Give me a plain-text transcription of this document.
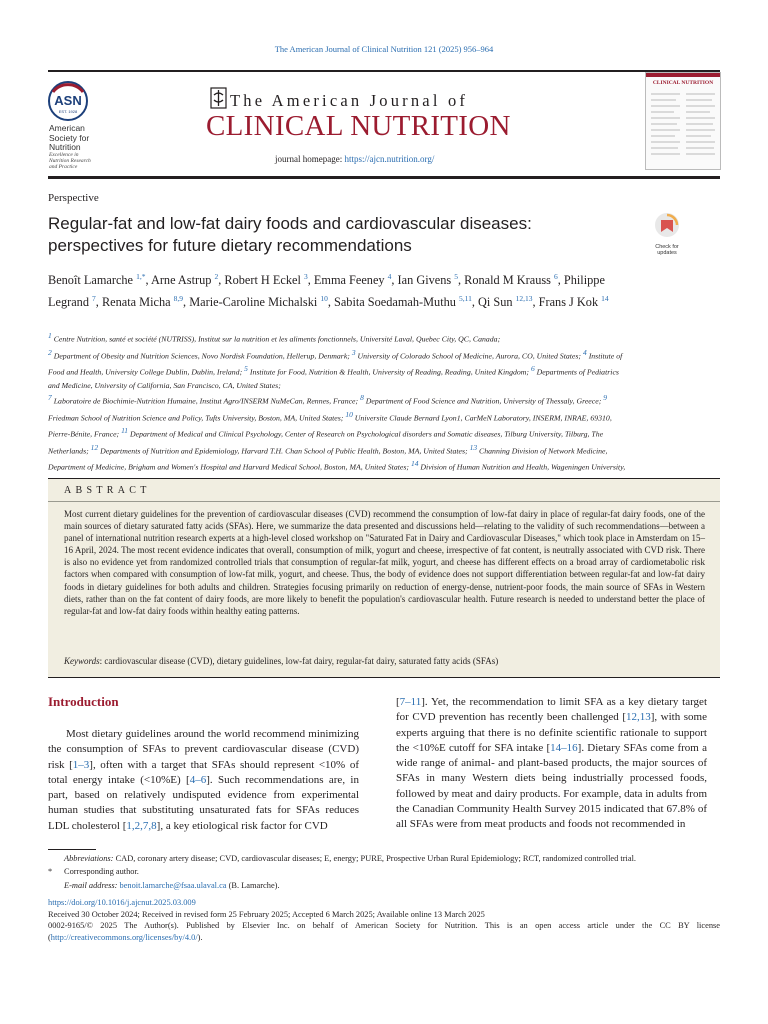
The American Journal of Clinical Nutrition 121 (2025) 956–964
ASN
EST. 1928
American
Society for
Nutrition
Excellence in
Nutrition Research
and Practice
The American Journal of
CLINICAL NUTRITION
journal homepage: https://ajcn.nutrition.org/
CLINICAL NUTRITION
Perspective
Regular-fat and low-fat dairy foods and cardiovascular diseases:
perspectives for future dietary recommendations	Check for updates
Benoît Lamarche $^{1,*}$, Arne Astrup $^2$, Robert H Eckel $^3$, Emma Feeney $^4$, Ian Givens $^5$, Ronald M Krauss $^6$, Philippe Legrand $^7$, Renata Micha $^{8,9}$, Marie-Caroline Michalski $^{10}$, Sabita Soedamah-Muthu $^{5,11}$, Qi Sun $^{12,13}$, Frans J Kok $^{14}$
$^1$ Centre Nutrition, santé et société (NUTRISS), Institut sur la nutrition et les aliments fonctionnels, Université Laval, Quebec City, QC, Canada;
$^2$ Department of Obesity and Nutrition Sciences, Novo Nordisk Foundation, Hellerup, Denmark; $^3$ University of Colorado School of Medicine, Aurora, CO, United States; $^4$ Institute of Food and Health, University College Dublin, Dublin, Ireland; $^5$ Institute for Food, Nutrition & Health, University of Reading, Reading, United Kingdom; $^6$ Departments of Pediatrics and Medicine, University of California, San Francisco, CA, United States;
$^7$ Laboratoire de Biochimie-Nutrition Humaine, Institut Agro/INSERM NuMeCan, Rennes, France; $^8$ Department of Food Science and Nutrition, University of Thessaly, Greece; $^9$ Friedman School of Nutrition Science and Policy, Tufts University, Boston, MA, United States; $^{10}$ Universite Claude Bernard Lyon1, CarMeN Laboratory, INSERM, INRAE, 69310, Pierre-Bénite, France; $^{11}$ Department of Medical and Clinical Psychology, Center of Research on Psychological disorders and Somatic diseases, Tilburg University, Tilburg, The Netherlands; $^{12}$ Departments of Nutrition and Epidemiology, Harvard T.H. Chan School of Public Health, Boston, MA, United States; $^{13}$ Channing Division of Network Medicine, Department of Medicine, Brigham and Women's Hospital and Harvard Medical School, Boston, MA, United States; $^{14}$ Division of Human Nutrition and Health, Wageningen University,
ABSTRACT
Most current dietary guidelines for the prevention of cardiovascular diseases (CVD) recommend the consumption of low-fat dairy in place of regular-fat dairy foods, one of the main sources of dietary saturated fatty acids (SFAs). Here, we summarize the data presented and discussions held—relating to the validity of such recommendations—between a panel of international nutrition research experts at a high-level closed workshop on "Saturated Fat in Dairy and Cardiovascular Diseases," which took place in Amsterdam on 15–16 April, 2024. The most recent evidence indicates that overall, consumption of milk, yogurt and cheese, irrespective of fat content, is neutrally associated with CVD risk. There is also no evidence yet from randomized controlled trials that consumption of regular-fat milk, yogurt, and cheese has different effects on a broad array of cardiometabolic risk factors when compared with consumption of low-fat milk, yogurt, and cheese. Thus, the body of evidence does not support differentiation between regular-fat and low-fat dairy foods in dietary guidelines for both adults and children. Strategies focusing primarily on reduction of energy-dense, nutrient-poor foods, the main source of SFAs in Western diets, rather than on the fat content of dairy foods, are more likely to benefit the population's cardiovascular health. Future research is needed to understand better the place of regular-fat and low-fat dairy foods within healthy eating patterns.
Keywords: cardiovascular disease (CVD), dietary guidelines, low-fat dairy, regular-fat dairy, saturated fatty acids (SFAs)
Introduction
Most dietary guidelines around the world recommend minimizing the consumption of SFAs to prevent cardiovascular disease (CVD) risk [1–3], often with a target that SFAs should represent <10% of total energy intake (<10%E) [4–6]. Such recommendations are, in part, based on relatively undisputed evidence from experimental human studies that substituting unsaturated fats for SFAs reduces LDL cholesterol [1,2,7,8], a key etiological risk factor for CVD
[7–11]. Yet, the recommendation to limit SFA as a key dietary target for CVD prevention has recently been challenged [12,13], with some experts arguing that there is no definite scientific rationale to support the <10%E cutoff for SFA intake [14–16]. Dietary SFAs come from a wide range of animal- and plant-based products, the major sources of SFAs in many Western diets being industrially processed foods, followed by meat and dairy products. For example, data in adults from the Canadian Community Health Survey 2015 indicated that 67.8% of all SFAs were from meat products and foods not recommended in
Abbreviations: CAD, coronary artery disease; CVD, cardiovascular diseases; E, energy; PURE, Prospective Urban Rural Epidemiology; RCT, randomized controlled trial.
* Corresponding author.
E-mail address: benoit.lamarche@fsaa.ulaval.ca (B. Lamarche).
https://doi.org/10.1016/j.ajcnut.2025.03.009
Received 30 October 2024; Received in revised form 25 February 2025; Accepted 6 March 2025; Available online 13 March 2025
0002-9165/© 2025 The Author(s). Published by Elsevier Inc. on behalf of American Society for Nutrition. This is an open access article under the CC BY license (http://creativecommons.org/licenses/by/4.0/).
